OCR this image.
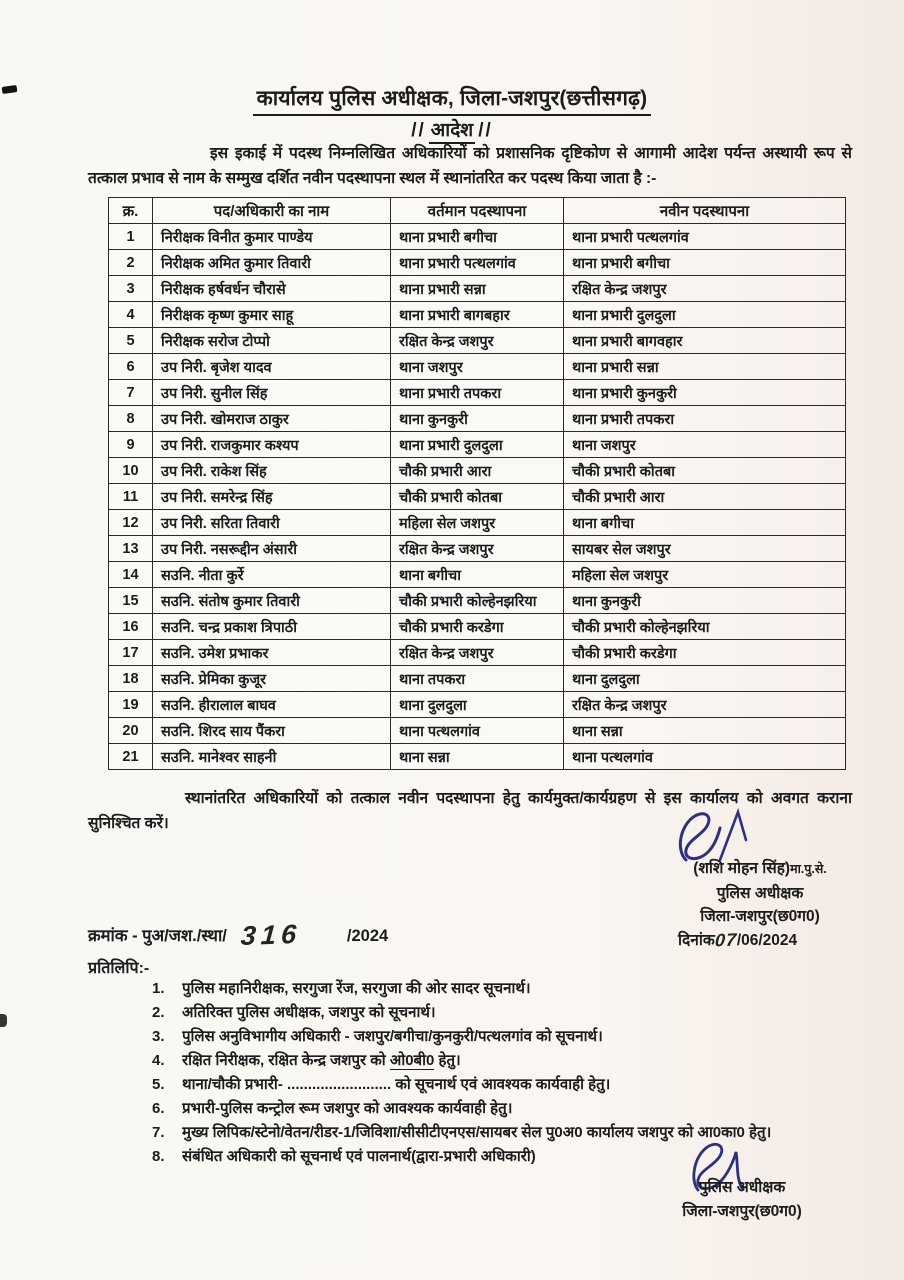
कार्यालय पुलिस अधीक्षक, जिला-जशपुर(छत्तीसगढ़)
// आदेश //
इस इकाई में पदस्थ निम्नलिखित अधिकारियों को प्रशासनिक दृष्टिकोण से आगामी आदेश पर्यन्त अस्थायी रूप से तत्काल प्रभाव से नाम के सम्मुख दर्शित नवीन पदस्थापना स्थल में स्थानांतरित कर पदस्थ किया जाता है :-
क्र.	पद/अधिकारी का नाम	वर्तमान पदस्थापना	नवीन पदस्थापना
1	निरीक्षक विनीत कुमार पाण्डेय	थाना प्रभारी बगीचा	थाना प्रभारी पत्थलगांव
2	निरीक्षक अमित कुमार तिवारी	थाना प्रभारी पत्थलगांव	थाना प्रभारी बगीचा
3	निरीक्षक हर्षवर्धन चौरासे	थाना प्रभारी सन्ना	रक्षित केन्द्र जशपुर
4	निरीक्षक कृष्ण कुमार साहू	थाना प्रभारी बागबहार	थाना प्रभारी दुलदुला
5	निरीक्षक सरोज टोप्पो	रक्षित केन्द्र जशपुर	थाना प्रभारी बागवहार
6	उप निरी. बृजेश यादव	थाना जशपुर	थाना प्रभारी सन्ना
7	उप निरी. सुनील सिंह	थाना प्रभारी तपकरा	थाना प्रभारी कुनकुरी
8	उप निरी. खोमराज ठाकुर	थाना कुनकुरी	थाना प्रभारी तपकरा
9	उप निरी. राजकुमार कश्यप	थाना प्रभारी दुलदुला	थाना जशपुर
10	उप निरी. राकेश सिंह	चौकी प्रभारी आरा	चौकी प्रभारी कोतबा
11	उप निरी. समरेन्द्र सिंह	चौकी प्रभारी कोतबा	चौकी प्रभारी आरा
12	उप निरी. सरिता तिवारी	महिला सेल जशपुर	थाना बगीचा
13	उप निरी. नसरूद्दीन अंसारी	रक्षित केन्द्र जशपुर	सायबर सेल जशपुर
14	सउनि. नीता कुर्रे	थाना बगीचा	महिला सेल जशपुर
15	सउनि. संतोष कुमार तिवारी	चौकी प्रभारी कोल्हेनझरिया	थाना कुनकुरी
16	सउनि. चन्द्र प्रकाश त्रिपाठी	चौकी प्रभारी करडेगा	चौकी प्रभारी कोल्हेनझरिया
17	सउनि. उमेश प्रभाकर	रक्षित केन्द्र जशपुर	चौकी प्रभारी करडेगा
18	सउनि. प्रेमिका कुजूर	थाना तपकरा	थाना दुलदुला
19	सउनि. हीरालाल बाघव	थाना दुलदुला	रक्षित केन्द्र जशपुर
20	सउनि. शिरद साय पैंकरा	थाना पत्थलगांव	थाना सन्ना
21	सउनि. मानेश्वर साहनी	थाना सन्ना	थाना पत्थलगांव
स्थानांतरित अधिकारियों को तत्काल नवीन पदस्थापना हेतु कार्यमुक्त/कार्यग्रहण से इस कार्यालय को अवगत कराना सुनिश्चित करें।
(शशि मोहन सिंह)मा.पु.से.
पुलिस अधीक्षक
जिला-जशपुर(छ0ग0)
दिनांक07/06/2024
क्रमांक - पुअ/जश./स्था/ 316	/2024
प्रतिलिपि:-
1.	पुलिस महानिरीक्षक, सरगुजा रेंज, सरगुजा की ओर सादर सूचनार्थ।
2.	अतिरिक्त पुलिस अधीक्षक, जशपुर को सूचनार्थ।
3.	पुलिस अनुविभागीय अधिकारी - जशपुर/बगीचा/कुनकुरी/पत्थलगांव को सूचनार्थ।
4.	रक्षित निरीक्षक, रक्षित केन्द्र जशपुर को ओ0बी0 हेतु।
5.	थाना/चौकी प्रभारी- ......................... को सूचनार्थ एवं आवश्यक कार्यवाही हेतु।
6.	प्रभारी-पुलिस कन्ट्रोल रूम जशपुर को आवश्यक कार्यवाही हेतु।
7.	मुख्य लिपिक/स्टेनो/वेतन/रीडर-1/जिविशा/सीसीटीएनएस/सायबर सेल पु0अ0 कार्यालय जशपुर को आ0का0 हेतु।
8.	संबंधित अधिकारी को सूचनार्थ एवं पालनार्थ(द्वारा-प्रभारी अधिकारी)
पुलिस अधीक्षक
जिला-जशपुर(छ0ग0)
